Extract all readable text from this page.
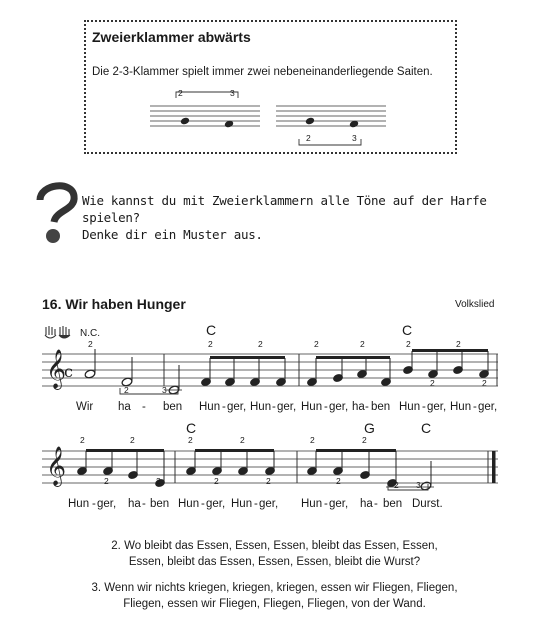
Zweierklammer abwärts
Die 2-3-Klammer spielt immer zwei nebeneinanderliegende Saiten.
𝄞
c
𝄞
2	3
2	3
Wie kannst du mit Zweierklammern alle Töne auf der Harfe
spielen?
Denke dir ein Muster aus.
16. Wir haben Hunger	Volkslied
N.C.	C	C
C	G	C
2
2	3
2	2	2	2	2	2
2	2
Wir ha - ben Hun - ger, Hun - ger, Hun - ger, ha - ben Hun - ger, Hun - ger,
2	2
2	2
2	2
2	2
2	2
2	2 3
Hun - ger, ha - ben Hun - ger, Hun - ger, Hun - ger, ha - ben Durst.
2. Wo bleibt das Essen, Essen, Essen, bleibt das Essen, Essen,
Essen, bleibt das Essen, Essen, Essen, bleibt die Wurst?
3. Wenn wir nichts kriegen, kriegen, kriegen, essen wir Fliegen, Fliegen,
Fliegen, essen wir Fliegen, Fliegen, Fliegen, von der Wand.
